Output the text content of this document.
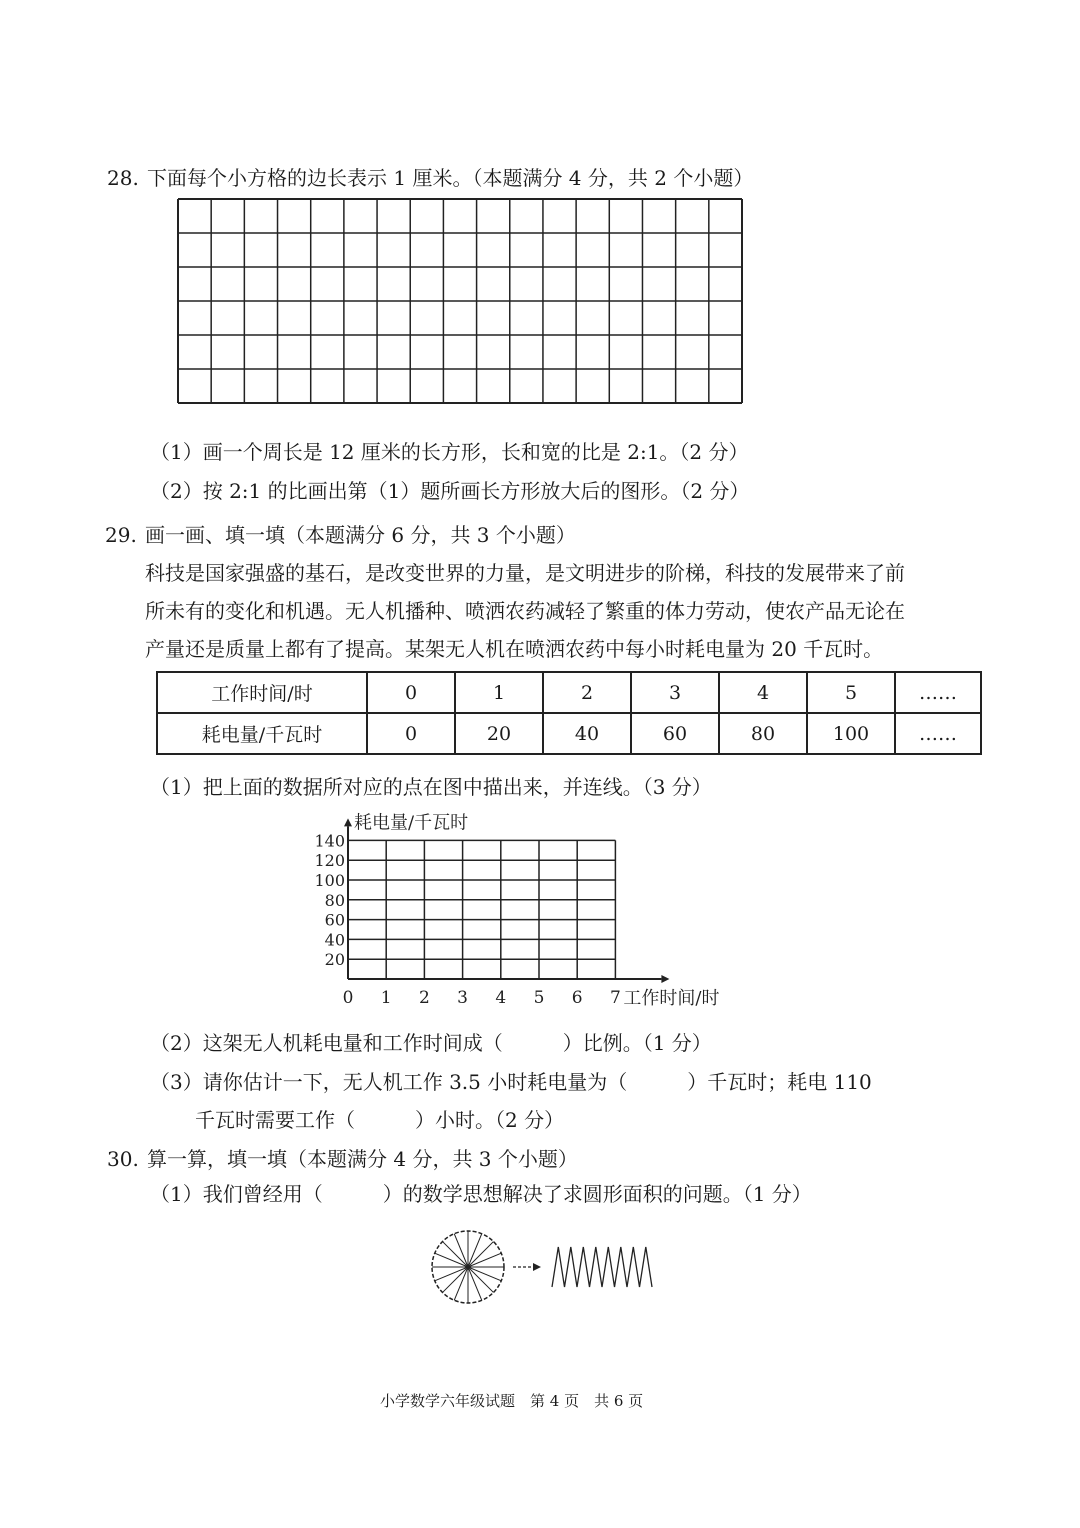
28. 下面每个小方格的边长表示 1 厘米。（本题满分 4 分，共 2 个小题）
（1）画一个周长是 12 厘米的长方形，长和宽的比是 2:1。（2 分）
（2）按 2:1 的比画出第（1）题所画长方形放大后的图形。（2 分）
29. 画一画、填一填（本题满分 6 分，共 3 个小题）
科技是国家强盛的基石，是改变世界的力量，是文明进步的阶梯，科技的发展带来了前
所未有的变化和机遇。无人机播种、喷洒农药减轻了繁重的体力劳动，使农产品无论在
产量还是质量上都有了提高。某架无人机在喷洒农药中每小时耗电量为 20 千瓦时。
工作时间/时	0	1	2	3	4	5	……
耗电量/千瓦时	0	20	40	60	80	100	……
（1）把上面的数据所对应的点在图中描出来，并连线。（3 分）
0 1 2 3 4 5 6 7
20
40
60
80
100
120
140
耗电量/千瓦时
工作时间/时
（2）这架无人机耗电量和工作时间成（　　　）比例。（1 分）
（3）请你估计一下，无人机工作 3.5 小时耗电量为（　　　）千瓦时；耗电 110
千瓦时需要工作（　　　）小时。（2 分）
30. 算一算，填一填（本题满分 4 分，共 3 个小题）
（1）我们曾经用（　　　）的数学思想解决了求圆形面积的问题。（1 分）
小学数学六年级试题　第 4 页　共 6 页
